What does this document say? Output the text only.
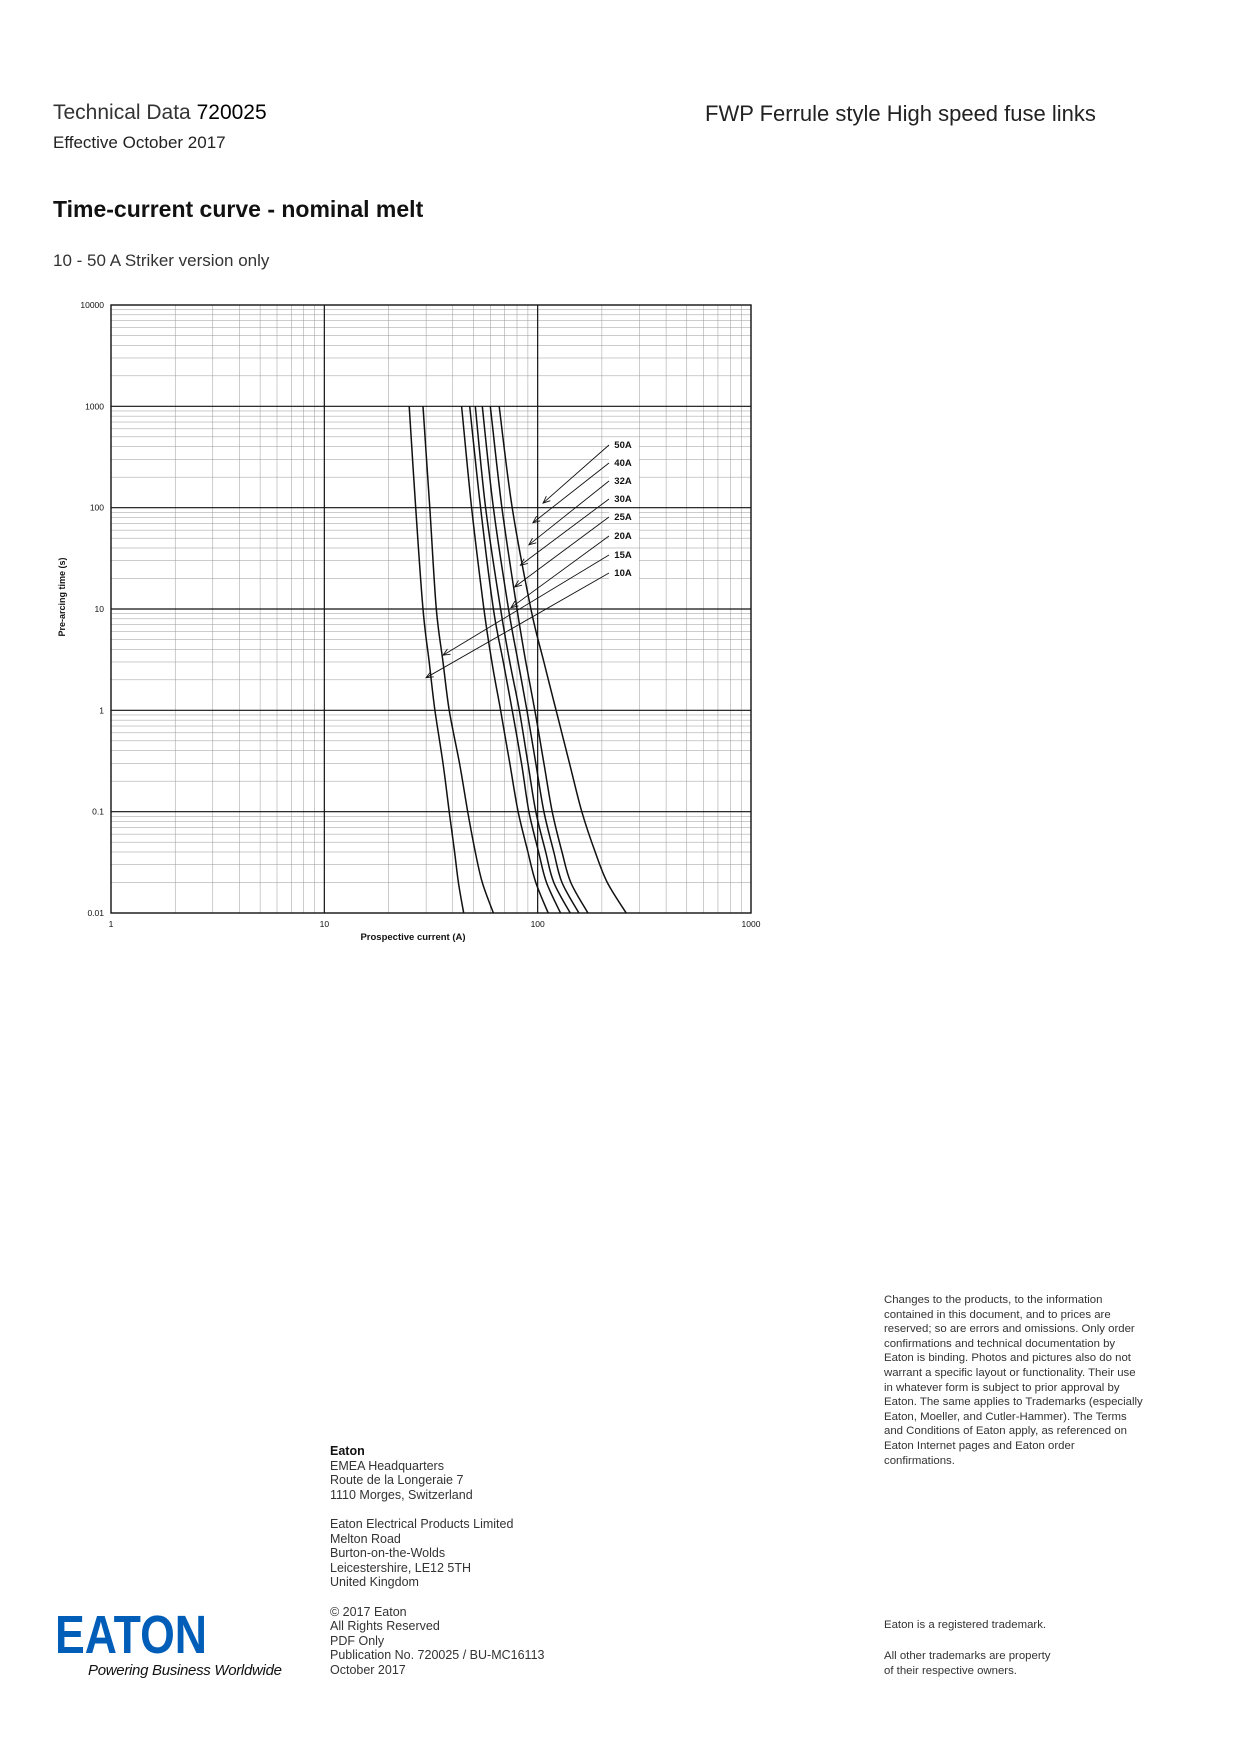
Technical Data 720025
Effective October 2017
FWP Ferrule style High speed fuse links
Time-current curve - nominal melt
10 - 50 A Striker version only
50A
40A
32A
30A
25A
20A
15A
10A
1	10	100	1000
10000
1000
100
10
1
0.1
0.01
Prospective current (A)
Pre-arcing time (s)
Eaton
EMEA Headquarters
Route de la Longeraie 7
1110 Morges, Switzerland
Eaton Electrical Products Limited
Melton Road
Burton-on-the-Wolds
Leicestershire, LE12 5TH
United Kingdom
© 2017 Eaton
All Rights Reserved
PDF Only
Publication No. 720025 / BU-MC16113
October 2017
Changes to the products, to the information contained in this document, and to prices are reserved; so are errors and omissions. Only order confirmations and technical documentation by Eaton is binding. Photos and pictures also do not warrant a specific layout or functionality. Their use in whatever form is subject to prior approval by Eaton. The same applies to Trademarks (especially Eaton, Moeller, and Cutler-Hammer). The Terms and Conditions of Eaton apply, as referenced on Eaton Internet pages and Eaton order confirmations.
Eaton is a registered trademark.
All other trademarks are property
of their respective owners.
EATON
Powering Business Worldwide
